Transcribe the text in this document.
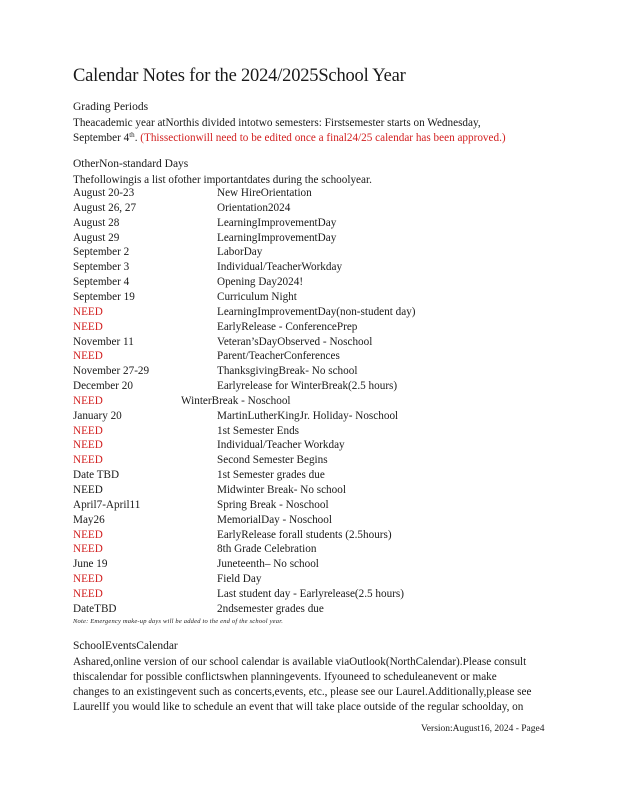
Calendar Notes for the 2024/2025School Year
Grading Periods
Theacademic year atNorthis divided intotwo semesters: Firstsemester starts on Wednesday,
September 4th. (Thissectionwill need to be edited once a final24/25 calendar has been approved.)
OtherNon-standard Days
Thefollowingis a list ofother importantdates during the schoolyear.
August 20-23	New HireOrientation
August 26, 27	Orientation2024
August 28	LearningImprovementDay
August 29	LearningImprovementDay
September 2	LaborDay
September 3	Individual/TeacherWorkday
September 4	Opening Day2024!
September 19	Curriculum Night
NEED	LearningImprovementDay(non-student day)
NEED	EarlyRelease - ConferencePrep
November 11	Veteran’sDayObserved - Noschool
NEED	Parent/TeacherConferences
November 27-29	ThanksgivingBreak- No school
December 20	Earlyrelease for WinterBreak(2.5 hours)
NEED	WinterBreak - Noschool
January 20	MartinLutherKingJr. Holiday- Noschool
NEED	1st Semester Ends
NEED	Individual/Teacher Workday
NEED	Second Semester Begins
Date TBD	1st Semester grades due
NEED	Midwinter Break- No school
April7-April11	Spring Break - Noschool
May26	MemorialDay - Noschool
NEED	EarlyRelease forall students (2.5hours)
NEED	8th Grade Celebration
June 19	Juneteenth– No school
NEED	Field Day
NEED	Last student day - Earlyrelease(2.5 hours)
DateTBD	2ndsemester grades due
Note: Emergency make-up days will be added to the end of the school year.
SchoolEventsCalendar
Ashared,online version of our school calendar is available viaOutlook(NorthCalendar).Please consult
thiscalendar for possible conflictswhen planningevents. Ifyouneed to scheduleanevent or make
changes to an existingevent such as concerts,events, etc., please see our Laurel.Additionally,please see
LaurelIf you would like to schedule an event that will take place outside of the regular schoolday, on
Version:August16, 2024 - Page4
